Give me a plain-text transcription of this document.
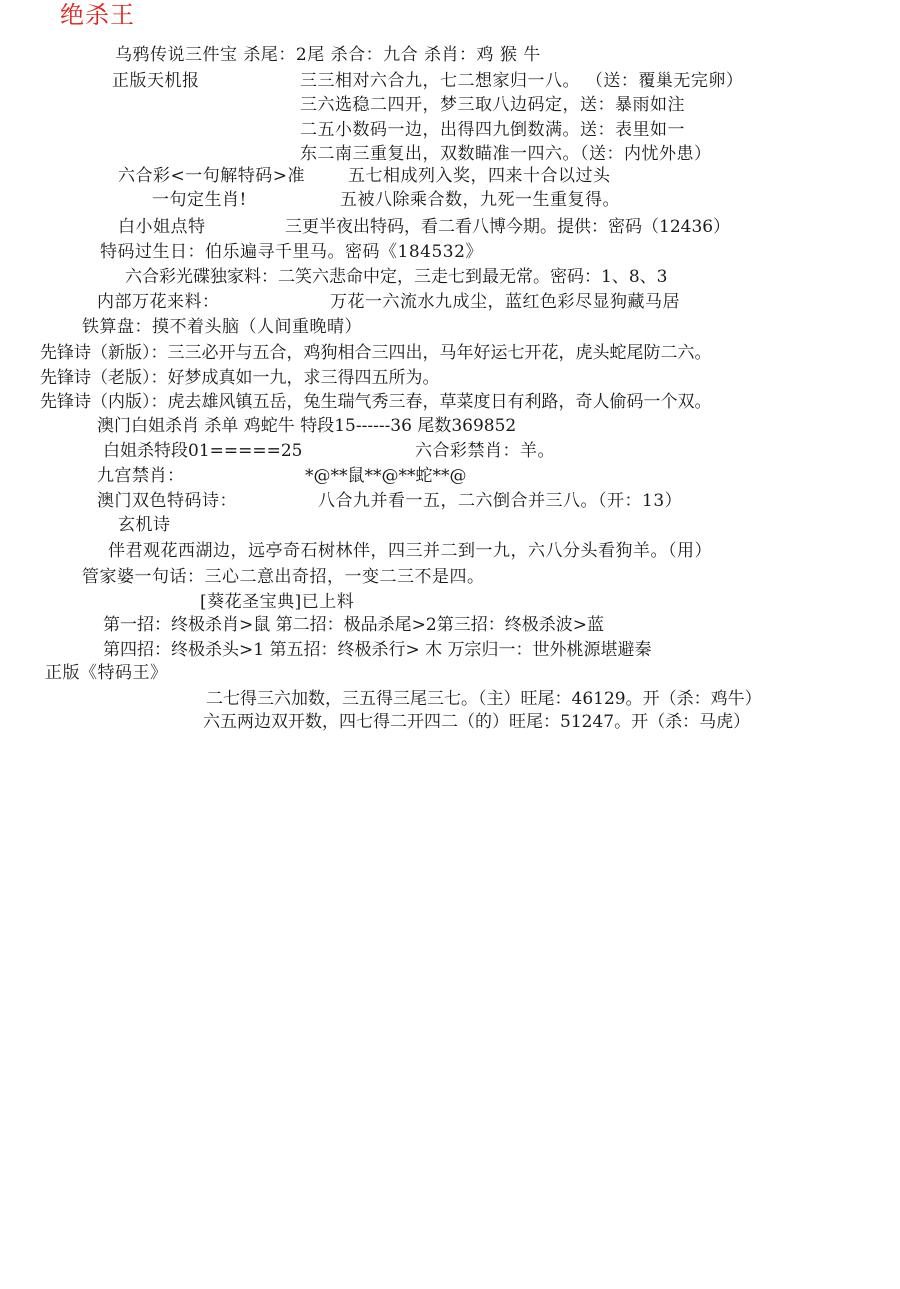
绝杀王
乌鸦传说三件宝 杀尾：2尾 杀合：九合 杀肖：鸡 猴 牛
正版天机报	三三相对六合九，七二想家归一八。 （送：覆巢无完卵）
三六选稳二四开，梦三取八边码定，送：暴雨如注
二五小数码一边，出得四九倒数满。送：表里如一
东二南三重复出，双数瞄准一四六。（送：内忧外患）
六合彩<一句解特码>准	五七相成列入奖，四来十合以过头
一句定生肖!	五被八除乘合数，九死一生重复得。
白小姐点特	三更半夜出特码，看二看八博今期。提供：密码（12436）
特码过生日：伯乐遍寻千里马。密码《184532》
六合彩光碟独家料：二笑六悲命中定，三走七到最无常。密码：1、8、3
内部万花来料：	万花一六流水九成尘，蓝红色彩尽显狗藏马居
铁算盘：摸不着头脑（人间重晚晴）
先锋诗（新版）：三三必开与五合，鸡狗相合三四出，马年好运七开花，虎头蛇尾防二六。
先锋诗（老版）：好梦成真如一九，求三得四五所为。
先锋诗（内版）：虎去雄风镇五岳，兔生瑞气秀三春，草菜度日有利路，奇人偷码一个双。
澳门白姐杀肖 杀单 鸡蛇牛 特段15------36 尾数369852
白姐杀特段01=====25	六合彩禁肖：羊。
九宫禁肖：	*@**鼠**@**蛇**@
澳门双色特码诗：	八合九并看一五，二六倒合并三八。（开：13）
玄机诗
伴君观花西湖边，远亭奇石树林伴，四三并二到一九，六八分头看狗羊。（用）
管家婆一句话：三心二意出奇招，一变二三不是四。
[葵花圣宝典]已上料
第一招：终极杀肖>鼠 第二招：极品杀尾>2第三招：终极杀波>蓝
第四招：终极杀头>1 第五招：终极杀行> 木 万宗归一：世外桃源堪避秦
正版《特码王》
二七得三六加数，三五得三尾三七。（主）旺尾：46129。开（杀：鸡牛）
六五两边双开数，四七得二开四二（的）旺尾：51247。开（杀：马虎）
